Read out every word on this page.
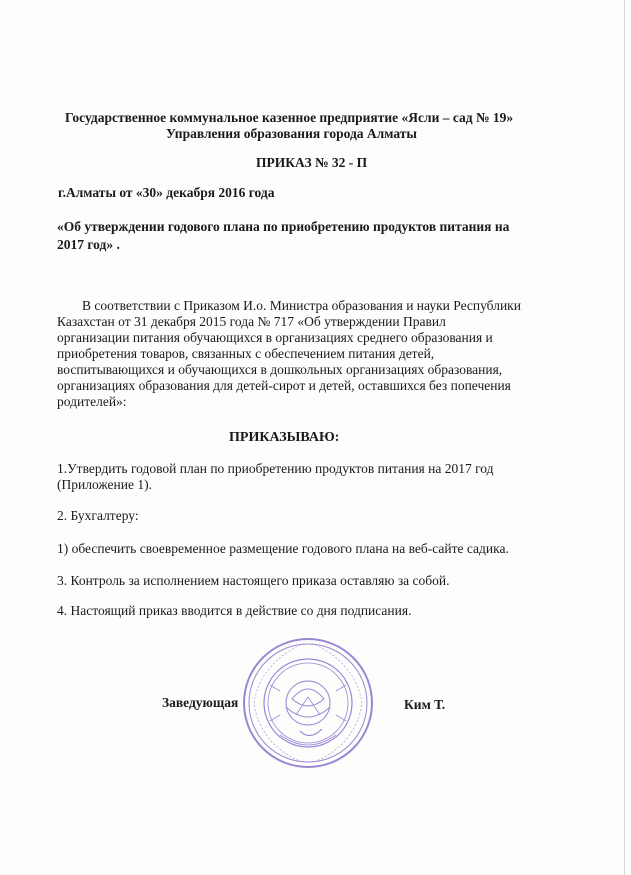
Государственное коммунальное казенное предприятие «Ясли – сад № 19»
Управления образования города Алматы
ПРИКАЗ № 32 - П
г.Алматы от «30» декабря 2016 года
«Об утверждении годового плана по приобретению продуктов питания на
2017 год» .
В соответствии с Приказом И.о. Министра образования и науки Республики
Казахстан от 31 декабря 2015 года № 717 «Об утверждении Правил
организации питания обучающихся в организациях среднего образования и
приобретения товаров, связанных с обеспечением питания детей,
воспитывающихся и обучающихся в дошкольных организациях образования,
организациях образования для детей-сирот и детей, оставшихся без попечения
родителей»:
ПРИКАЗЫВАЮ:
1.Утвердить годовой план по приобретению продуктов питания на 2017 год
(Приложение 1).
2. Бухгалтеру:
1) обеспечить своевременное размещение годового плана на веб-сайте садика.
3. Контроль за исполнением настоящего приказа оставляю за собой.
4. Настоящий приказ вводится в действие со дня подписания.
Заведующая	Ким Т.
